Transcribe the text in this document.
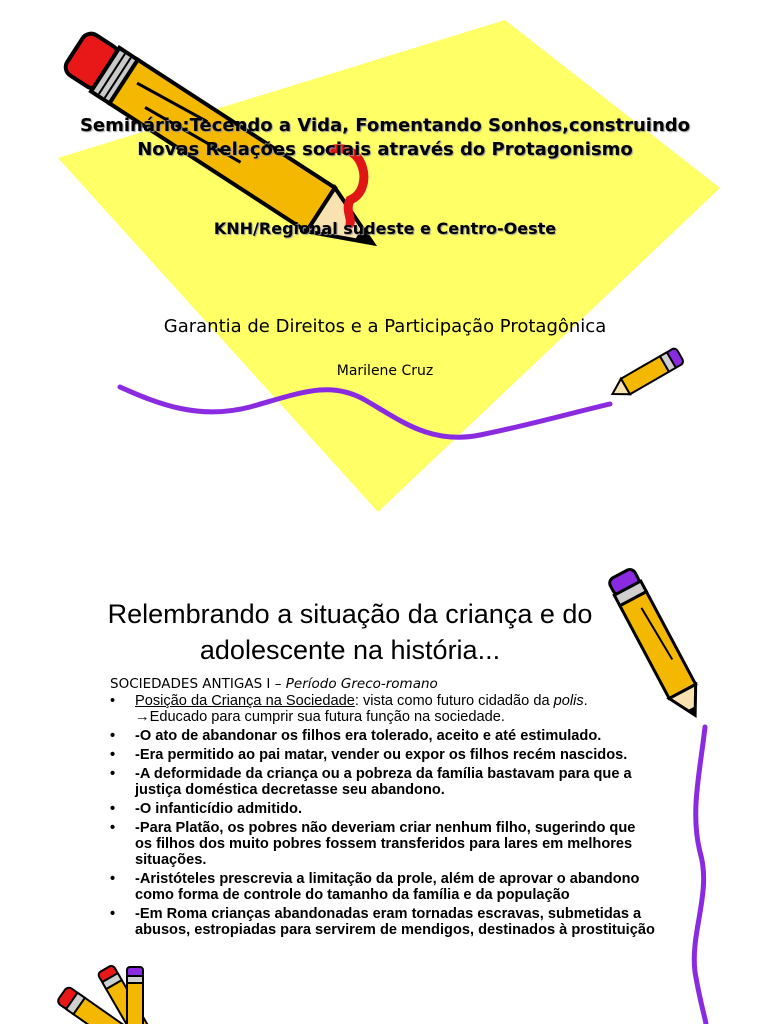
Seminário:Tecendo a Vida, Fomentando Sonhos,construindo Novas Relações sociais através do Protagonismo
KNH/Regional sudeste e Centro-Oeste
Garantia de Direitos e a Participação Protagônica
Marilene Cruz
Relembrando a situação da criança e do adolescente na história...
SOCIEDADES ANTIGAS I – Período Greco-romano
• Posição da Criança na Sociedade: vista como futuro cidadão da polis. →Educado para cumprir sua futura função na sociedade.
• -O ato de abandonar os filhos era tolerado, aceito e até estimulado.
• -Era permitido ao pai matar, vender ou expor os filhos recém nascidos.
• -A deformidade da criança ou a pobreza da família bastavam para que a justiça doméstica decretasse seu abandono.
• -O infanticídio admitido.
• -Para Platão, os pobres não deveriam criar nenhum filho, sugerindo que os filhos dos muito pobres fossem transferidos para lares em melhores situações.
• -Aristóteles prescrevia a limitação da prole, além de aprovar o abandono como forma de controle do tamanho da família e da população
• -Em Roma crianças abandonadas eram tornadas escravas, submetidas a abusos, estropiadas para servirem de mendigos, destinados à prostituição
